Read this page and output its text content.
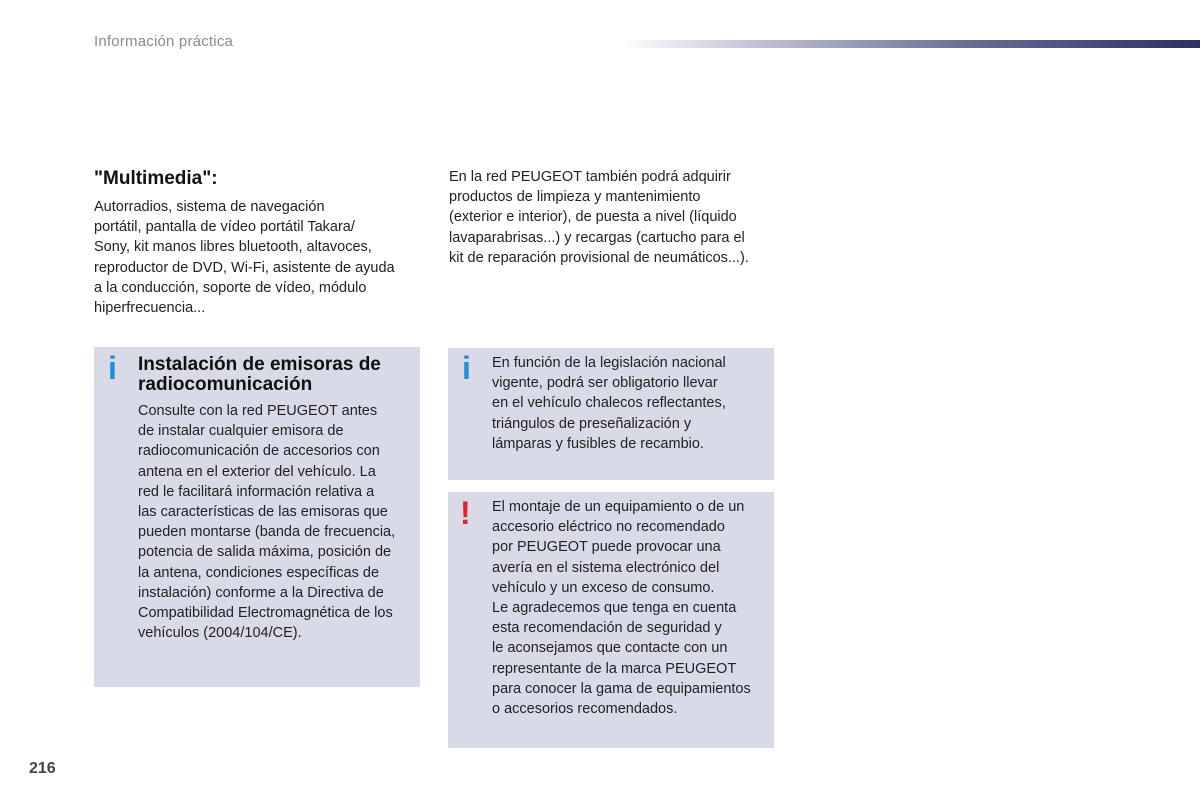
Información práctica
"Multimedia":

Autorradios, sistema de navegación
portátil, pantalla de vídeo portátil Takara/
Sony, kit manos libres bluetooth, altavoces,
reproductor de DVD, Wi-Fi, asistente de ayuda
a la conducción, soporte de vídeo, módulo
hiperfrecuencia...

En la red PEUGEOT también podrá adquirir
productos de limpieza y mantenimiento
(exterior e interior), de puesta a nivel (líquido
lavaparabrisas...) y recargas (cartucho para el
kit de reparación provisional de neumáticos...).

i Instalación de emisoras de
radiocomunicación

Consulte con la red PEUGEOT antes
de instalar cualquier emisora de
radiocomunicación de accesorios con
antena en el exterior del vehículo. La
red le facilitará información relativa a
las características de las emisoras que
pueden montarse (banda de frecuencia,
potencia de salida máxima, posición de
la antena, condiciones específicas de
instalación) conforme a la Directiva de
Compatibilidad Electromagnética de los
vehículos (2004/104/CE).

i En función de la legislación nacional
vigente, podrá ser obligatorio llevar
en el vehículo chalecos reflectantes,
triángulos de preseñalización y
lámparas y fusibles de recambio.

! El montaje de un equipamiento o de un
accesorio eléctrico no recomendado
por PEUGEOT puede provocar una
avería en el sistema electrónico del
vehículo y un exceso de consumo.
Le agradecemos que tenga en cuenta
esta recomendación de seguridad y
le aconsejamos que contacte con un
representante de la marca PEUGEOT
para conocer la gama de equipamientos
o accesorios recomendados.

216
